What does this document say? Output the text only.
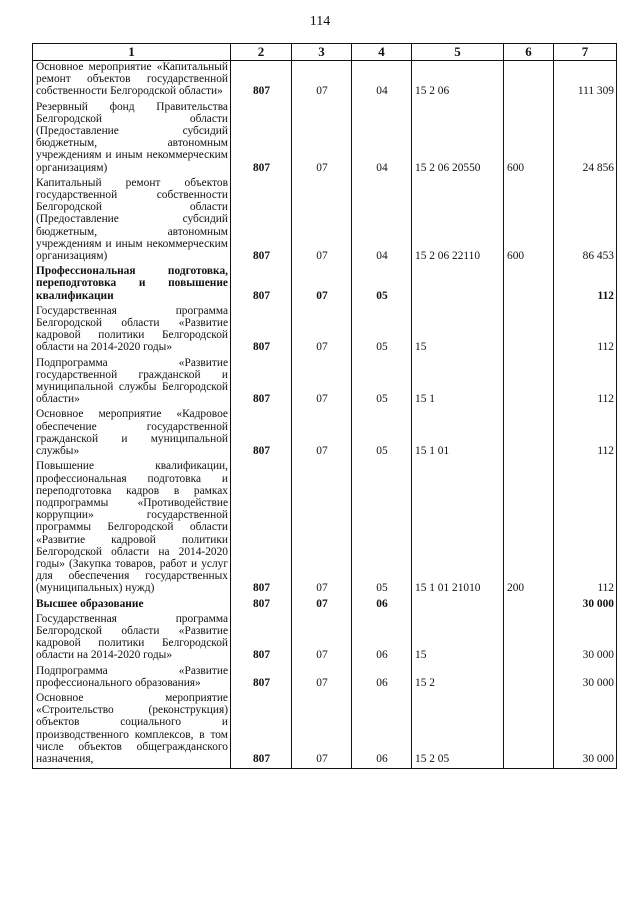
114
1	2	3	4	5	6	7
Основное мероприятие «Капитальный ремонт объектов государственной собственности Белгородской области»	807	07	04	15 2 06		111 309
Резервный фонд Правительства Белгородской области (Предоставление субсидий бюджетным, автономным учреждениям и иным некоммерческим организациям)	807	07	04	15 2 06 20550	600	24 856
Капитальный ремонт объектов государственной собственности Белгородской области (Предоставление субсидий бюджетным, автономным учреждениям и иным некоммерческим организациям)	807	07	04	15 2 06 22110	600	86 453
Профессиональная подготовка, переподготовка и повышение квалификации	807	07	05			112
Государственная программа Белгородской области «Развитие кадровой политики Белгородской области на 2014-2020 годы»	807	07	05	15		112
Подпрограмма «Развитие государственной гражданской и муниципальной службы Белгородской области»	807	07	05	15 1		112
Основное мероприятие «Кадровое обеспечение государственной гражданской и муниципальной службы»	807	07	05	15 1 01		112
Повышение квалификации, профессиональная подготовка и переподготовка кадров в рамках подпрограммы «Противодействие коррупции» государственной программы Белгородской области «Развитие кадровой политики Белгородской области на 2014-2020 годы» (Закупка товаров, работ и услуг для обеспечения государственных (муниципальных) нужд)	807	07	05	15 1 01 21010	200	112
Высшее образование	807	07	06			30 000
Государственная программа Белгородской области «Развитие кадровой политики Белгородской области на 2014-2020 годы»	807	07	06	15		30 000
Подпрограмма «Развитие профессионального образования»	807	07	06	15 2		30 000
Основное мероприятие «Строительство (реконструкция) объектов социального и производственного комплексов, в том числе объектов общегражданского назначения,	807	07	06	15 2 05		30 000
